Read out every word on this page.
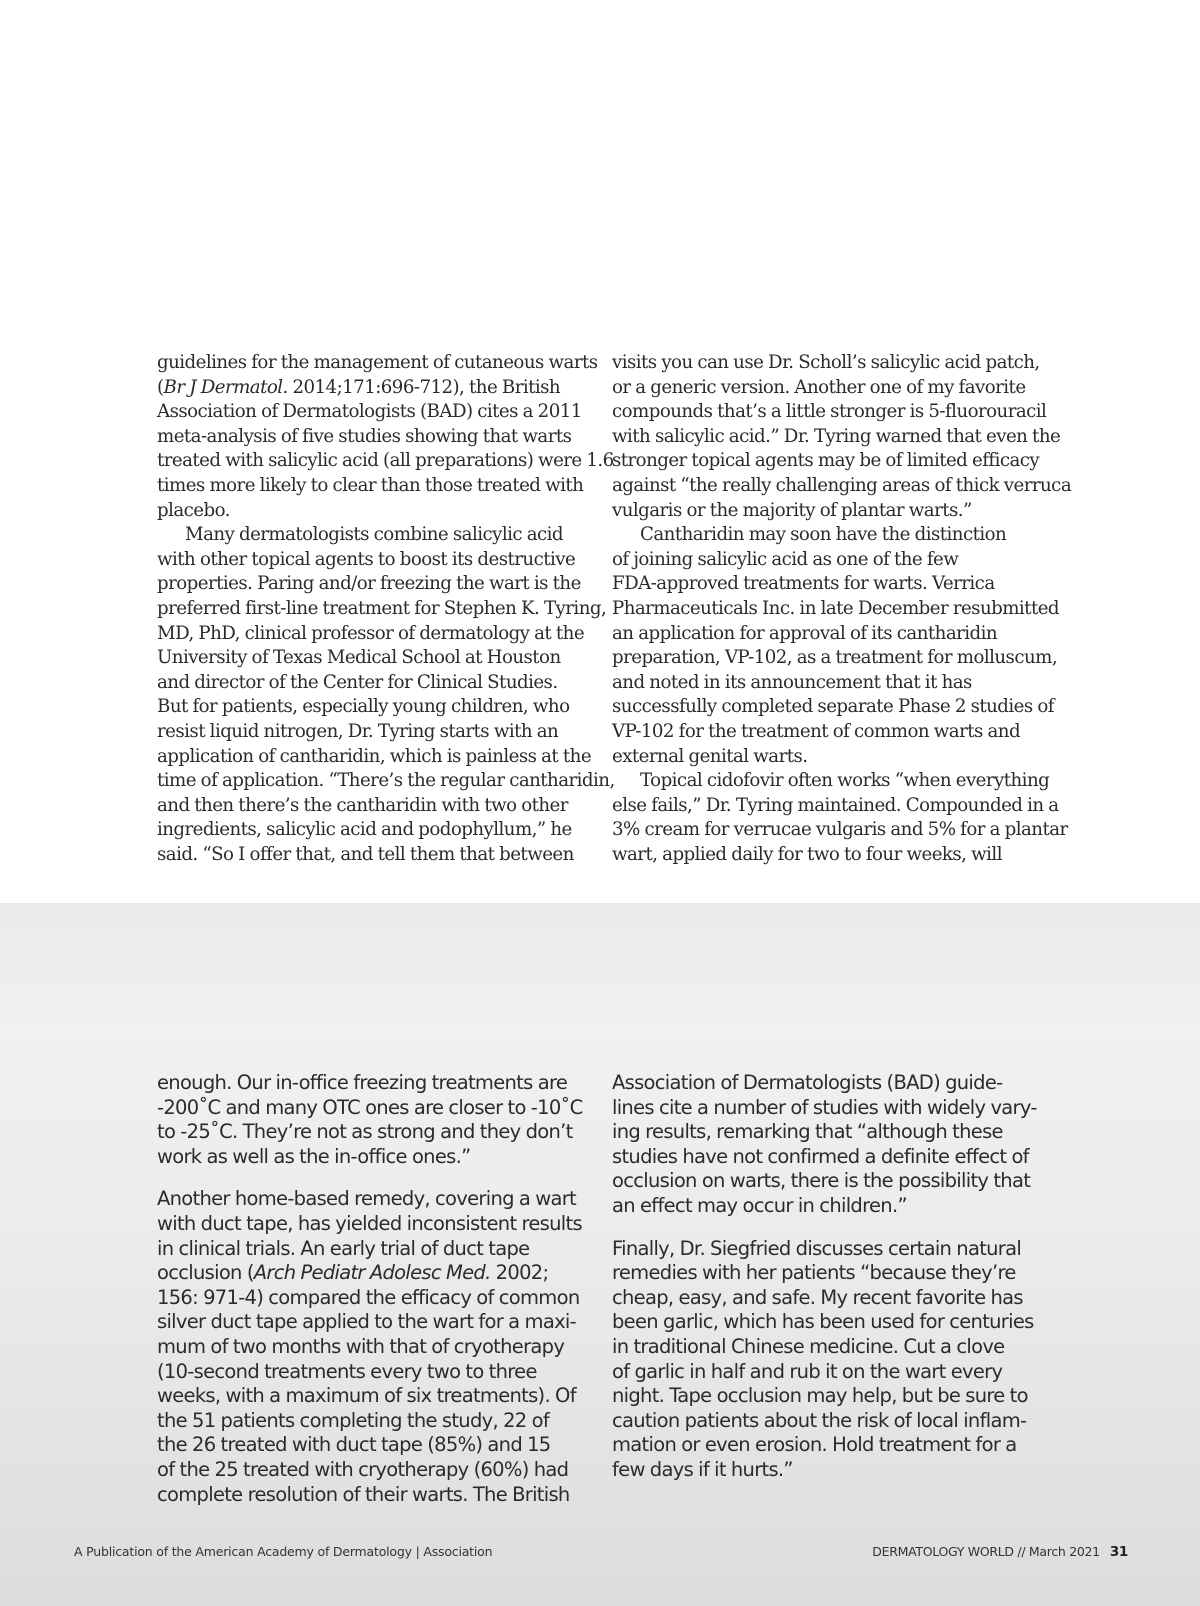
guidelines for the management of cutaneous warts

(Br J Dermatol. 2014;171:696-712), the British

Association of Dermatologists (BAD) cites a 2011

meta-analysis of five studies showing that warts

treated with salicylic acid (all preparations) were 1.6

times more likely to clear than those treated with

placebo.

Many dermatologists combine salicylic acid

with other topical agents to boost its destructive

properties. Paring and/or freezing the wart is the

preferred first-line treatment for Stephen K. Tyring,

MD, PhD, clinical professor of dermatology at the

University of Texas Medical School at Houston

and director of the Center for Clinical Studies.

But for patients, especially young children, who

resist liquid nitrogen, Dr. Tyring starts with an

application of cantharidin, which is painless at the

time of application. “There’s the regular cantharidin,

and then there’s the cantharidin with two other

ingredients, salicylic acid and podophyllum,” he

said. “So I offer that, and tell them that between

visits you can use Dr. Scholl’s salicylic acid patch,

or a generic version. Another one of my favorite

compounds that’s a little stronger is 5-fluorouracil

with salicylic acid.” Dr. Tyring warned that even the

stronger topical agents may be of limited efficacy

against “the really challenging areas of thick verruca

vulgaris or the majority of plantar warts.”

Cantharidin may soon have the distinction

of joining salicylic acid as one of the few

FDA-approved treatments for warts. Verrica

Pharmaceuticals Inc. in late December resubmitted

an application for approval of its cantharidin

preparation, VP-102, as a treatment for molluscum,

and noted in its announcement that it has

successfully completed separate Phase 2 studies of

VP-102 for the treatment of common warts and

external genital warts.

Topical cidofovir often works “when everything

else fails,” Dr. Tyring maintained. Compounded in a

3% cream for verrucae vulgaris and 5% for a plantar

wart, applied daily for two to four weeks, will

enough. Our in-office freezing treatments are
-200˚C and many OTC ones are closer to -10˚C
to -25˚C. They’re not as strong and they don’t
work as well as the in-office ones.”
Another home-based remedy, covering a wart
with duct tape, has yielded inconsistent results
in clinical trials. An early trial of duct tape
occlusion (Arch Pediatr Adolesc Med. 2002;
156: 971-4) compared the efficacy of common
silver duct tape applied to the wart for a maxi-
mum of two months with that of cryotherapy
(10-second treatments every two to three
weeks, with a maximum of six treatments). Of
the 51 patients completing the study, 22 of
the 26 treated with duct tape (85%) and 15
of the 25 treated with cryotherapy (60%) had
complete resolution of their warts. The British
Association of Dermatologists (BAD) guide-
lines cite a number of studies with widely vary-
ing results, remarking that “although these
studies have not confirmed a definite effect of
occlusion on warts, there is the possibility that
an effect may occur in children.”
Finally, Dr. Siegfried discusses certain natural
remedies with her patients “because they’re
cheap, easy, and safe. My recent favorite has
been garlic, which has been used for centuries
in traditional Chinese medicine. Cut a clove
of garlic in half and rub it on the wart every
night. Tape occlusion may help, but be sure to
caution patients about the risk of local inflam-
mation or even erosion. Hold treatment for a
few days if it hurts.”
A Publication of the American Academy of Dermatology | Association	DERMATOLOGY WORLD // March 2021 31
